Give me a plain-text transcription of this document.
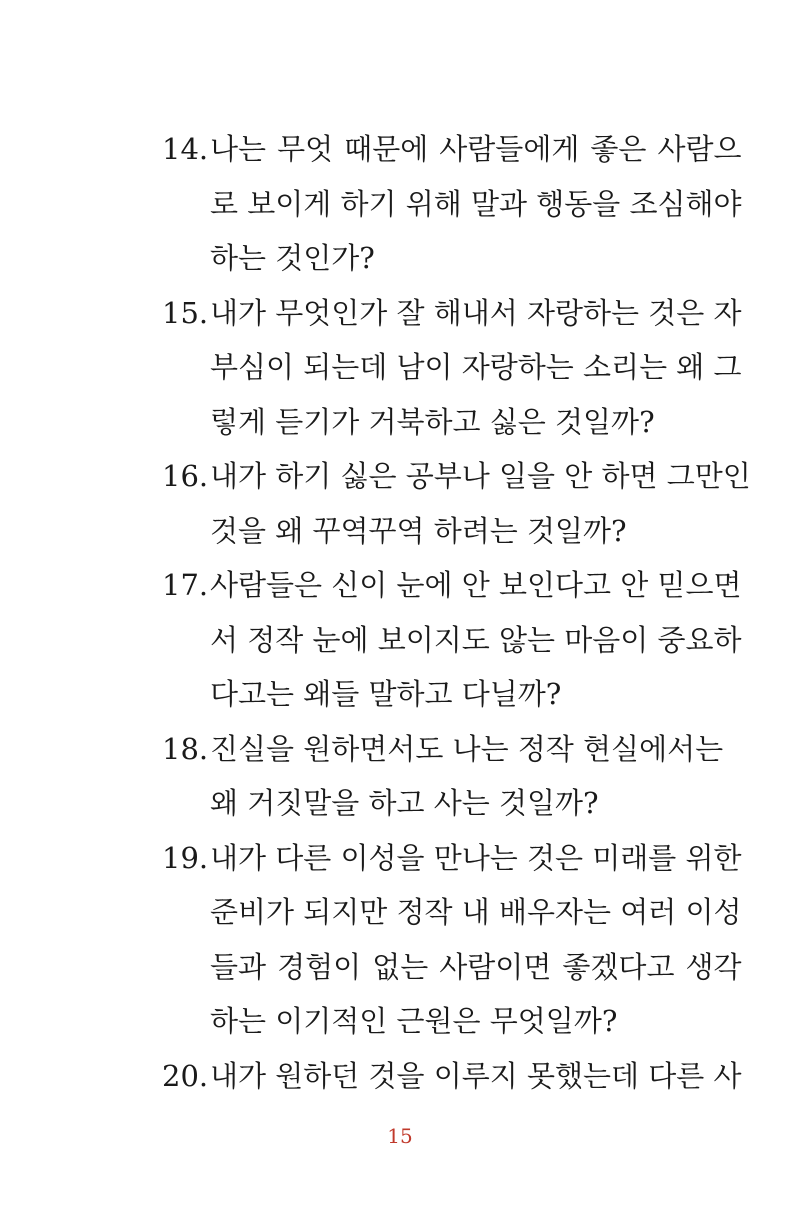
14. 나는 무엇 때문에 사람들에게 좋은 사람으
로 보이게 하기 위해 말과 행동을 조심해야
하는 것인가?
15. 내가 무엇인가 잘 해내서 자랑하는 것은 자
부심이 되는데 남이 자랑하는 소리는 왜 그
렇게 듣기가 거북하고 싫은 것일까?
16. 내가 하기 싫은 공부나 일을 안 하면 그만인
것을 왜 꾸역꾸역 하려는 것일까?
17. 사람들은 신이 눈에 안 보인다고 안 믿으면
서 정작 눈에 보이지도 않는 마음이 중요하
다고는 왜들 말하고 다닐까?
18. 진실을 원하면서도 나는 정작 현실에서는
왜 거짓말을 하고 사는 것일까?
19. 내가 다른 이성을 만나는 것은 미래를 위한
준비가 되지만 정작 내 배우자는 여러 이성
들과 경험이 없는 사람이면 좋겠다고 생각
하는 이기적인 근원은 무엇일까?
20. 내가 원하던 것을 이루지 못했는데 다른 사
15
